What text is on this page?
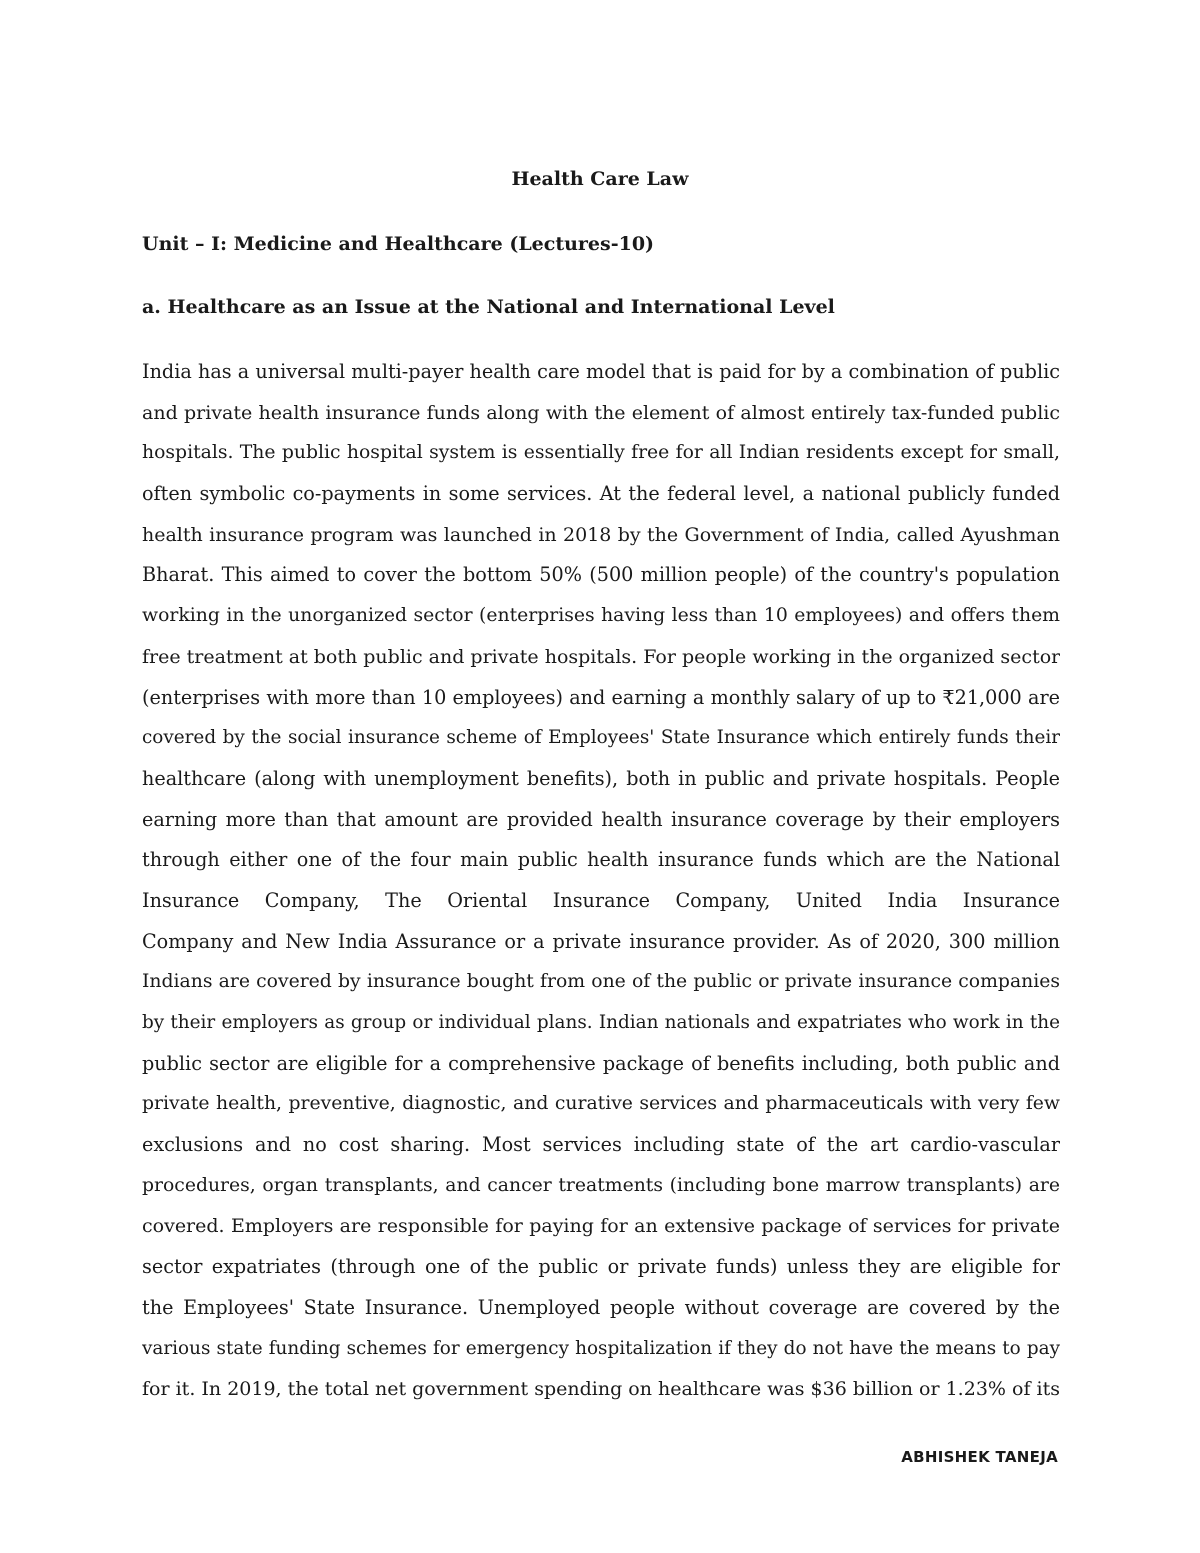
Health Care Law
Unit – I: Medicine and Healthcare (Lectures-10)
a. Healthcare as an Issue at the National and International Level
India has a universal multi-payer health care model that is paid for by a combination of public
and private health insurance funds along with the element of almost entirely tax-funded public
hospitals. The public hospital system is essentially free for all Indian residents except for small,
often symbolic co-payments in some services. At the federal level, a national publicly funded
health insurance program was launched in 2018 by the Government of India, called Ayushman
Bharat. This aimed to cover the bottom 50% (500 million people) of the country's population
working in the unorganized sector (enterprises having less than 10 employees) and offers them
free treatment at both public and private hospitals. For people working in the organized sector
(enterprises with more than 10 employees) and earning a monthly salary of up to ₹21,000 are
covered by the social insurance scheme of Employees' State Insurance which entirely funds their
healthcare (along with unemployment benefits), both in public and private hospitals. People
earning more than that amount are provided health insurance coverage by their employers
through either one of the four main public health insurance funds which are the National
Insurance Company, The Oriental Insurance Company, United India Insurance
Company and New India Assurance or a private insurance provider. As of 2020, 300 million
Indians are covered by insurance bought from one of the public or private insurance companies
by their employers as group or individual plans. Indian nationals and expatriates who work in the
public sector are eligible for a comprehensive package of benefits including, both public and
private health, preventive, diagnostic, and curative services and pharmaceuticals with very few
exclusions and no cost sharing. Most services including state of the art cardio-vascular
procedures, organ transplants, and cancer treatments (including bone marrow transplants) are
covered. Employers are responsible for paying for an extensive package of services for private
sector expatriates (through one of the public or private funds) unless they are eligible for
the Employees' State Insurance. Unemployed people without coverage are covered by the
various state funding schemes for emergency hospitalization if they do not have the means to pay
for it. In 2019, the total net government spending on healthcare was $36 billion or 1.23% of its

ABHISHEK TANEJA
